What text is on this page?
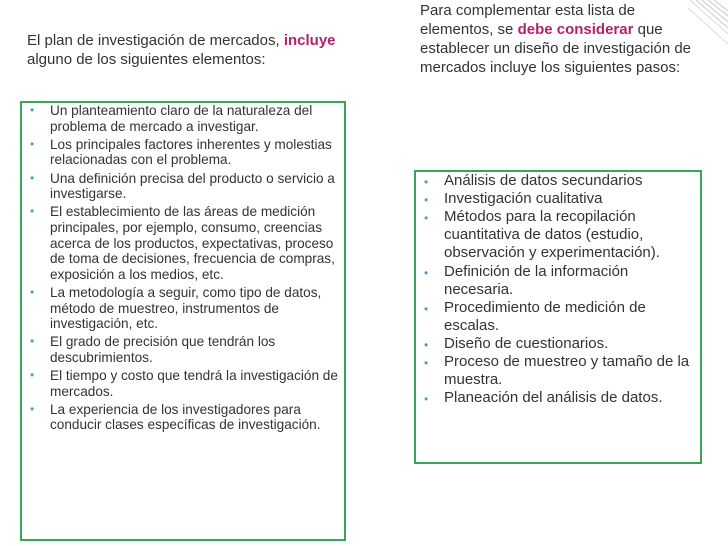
El plan de investigación de mercados, incluye alguno de los siguientes elementos:
Para complementar esta lista de elementos, se debe considerar que establecer un diseño de investigación de mercados incluye los siguientes pasos:
• Un planteamiento claro de la naturaleza del problema de mercado a investigar.
• Los principales factores inherentes y molestias relacionadas con el problema.
• Una definición precisa del producto o servicio a investigarse.
• El establecimiento de las áreas de medición principales, por ejemplo, consumo, creencias acerca de los productos, expectativas, proceso de toma de decisiones, frecuencia de compras, exposición a los medios, etc.
• La metodología a seguir, como tipo de datos, método de muestreo, instrumentos de investigación, etc.
• El grado de precisión que tendrán los descubrimientos.
• El tiempo y costo que tendrá la investigación de mercados.
• La experiencia de los investigadores para conducir clases específicas de investigación.
• Análisis de datos secundarios
• Investigación cualitativa
• Métodos para la recopilación cuantitativa de datos (estudio, observación y experimentación).
• Definición de la información necesaria.
• Procedimiento de medición de escalas.
• Diseño de cuestionarios.
• Proceso de muestreo y tamaño de la muestra.
• Planeación del análisis de datos.
